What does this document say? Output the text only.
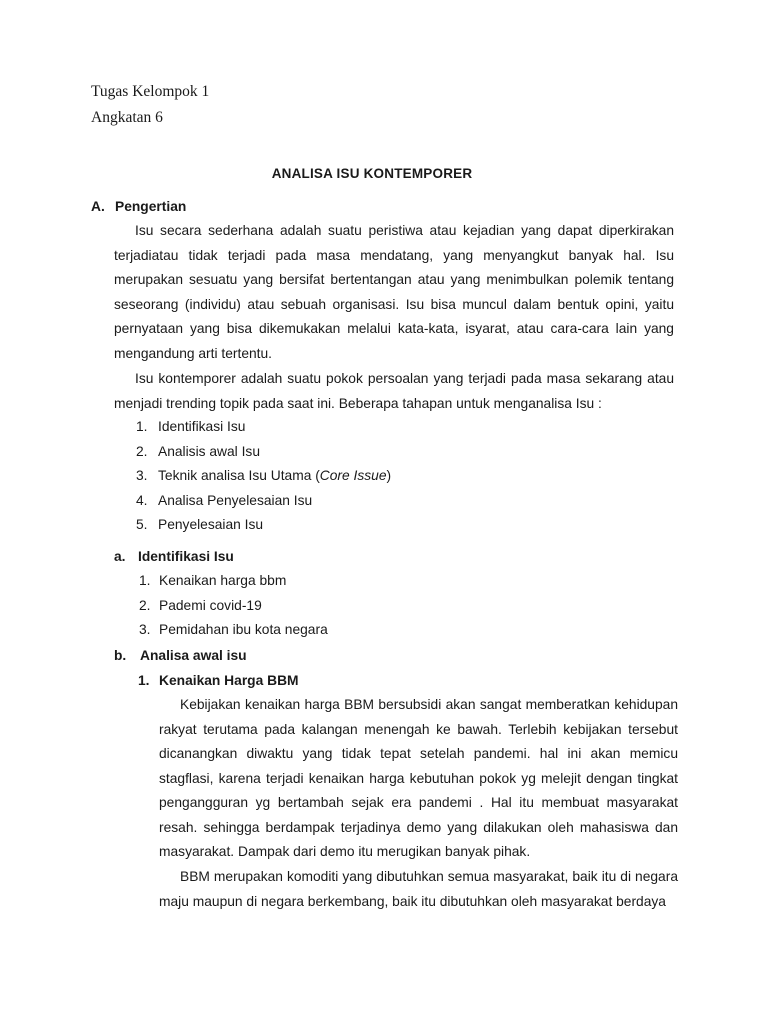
Tugas Kelompok 1
Angkatan 6
ANALISA ISU KONTEMPORER
A. Pengertian

Isu secara sederhana adalah suatu peristiwa atau kejadian yang dapat diperkirakan terjadiatau tidak terjadi pada masa mendatang, yang menyangkut banyak hal. Isu merupakan sesuatu yang bersifat bertentangan atau yang menimbulkan polemik tentang seseorang (individu) atau sebuah organisasi. Isu bisa muncul dalam bentuk opini, yaitu pernyataan yang bisa dikemukakan melalui kata-kata, isyarat, atau cara-cara lain yang mengandung arti tertentu.

Isu kontemporer adalah suatu pokok persoalan yang terjadi pada masa sekarang atau menjadi trending topik pada saat ini. Beberapa tahapan untuk menganalisa Isu :

1. Identifikasi Isu
2. Analisis awal Isu
3. Teknik analisa Isu Utama (Core Issue)
4. Analisa Penyelesaian Isu
5. Penyelesaian Isu
a. Identifikasi Isu
1. Kenaikan harga bbm
2. Pademi covid-19
3. Pemidahan ibu kota negara
b. Analisa awal isu
1. Kenaikan Harga BBM

Kebijakan kenaikan harga BBM bersubsidi akan sangat memberatkan kehidupan rakyat terutama pada kalangan menengah ke bawah. Terlebih kebijakan tersebut dicanangkan diwaktu yang tidak tepat setelah pandemi. hal ini akan memicu stagflasi, karena terjadi kenaikan harga kebutuhan pokok yg melejit dengan tingkat pengangguran yg bertambah sejak era pandemi . Hal itu membuat masyarakat resah. sehingga berdampak terjadinya demo yang dilakukan oleh mahasiswa dan masyarakat. Dampak dari demo itu merugikan banyak pihak.

BBM merupakan komoditi yang dibutuhkan semua masyarakat, baik itu di negara maju maupun di negara berkembang, baik itu dibutuhkan oleh masyarakat berdaya
